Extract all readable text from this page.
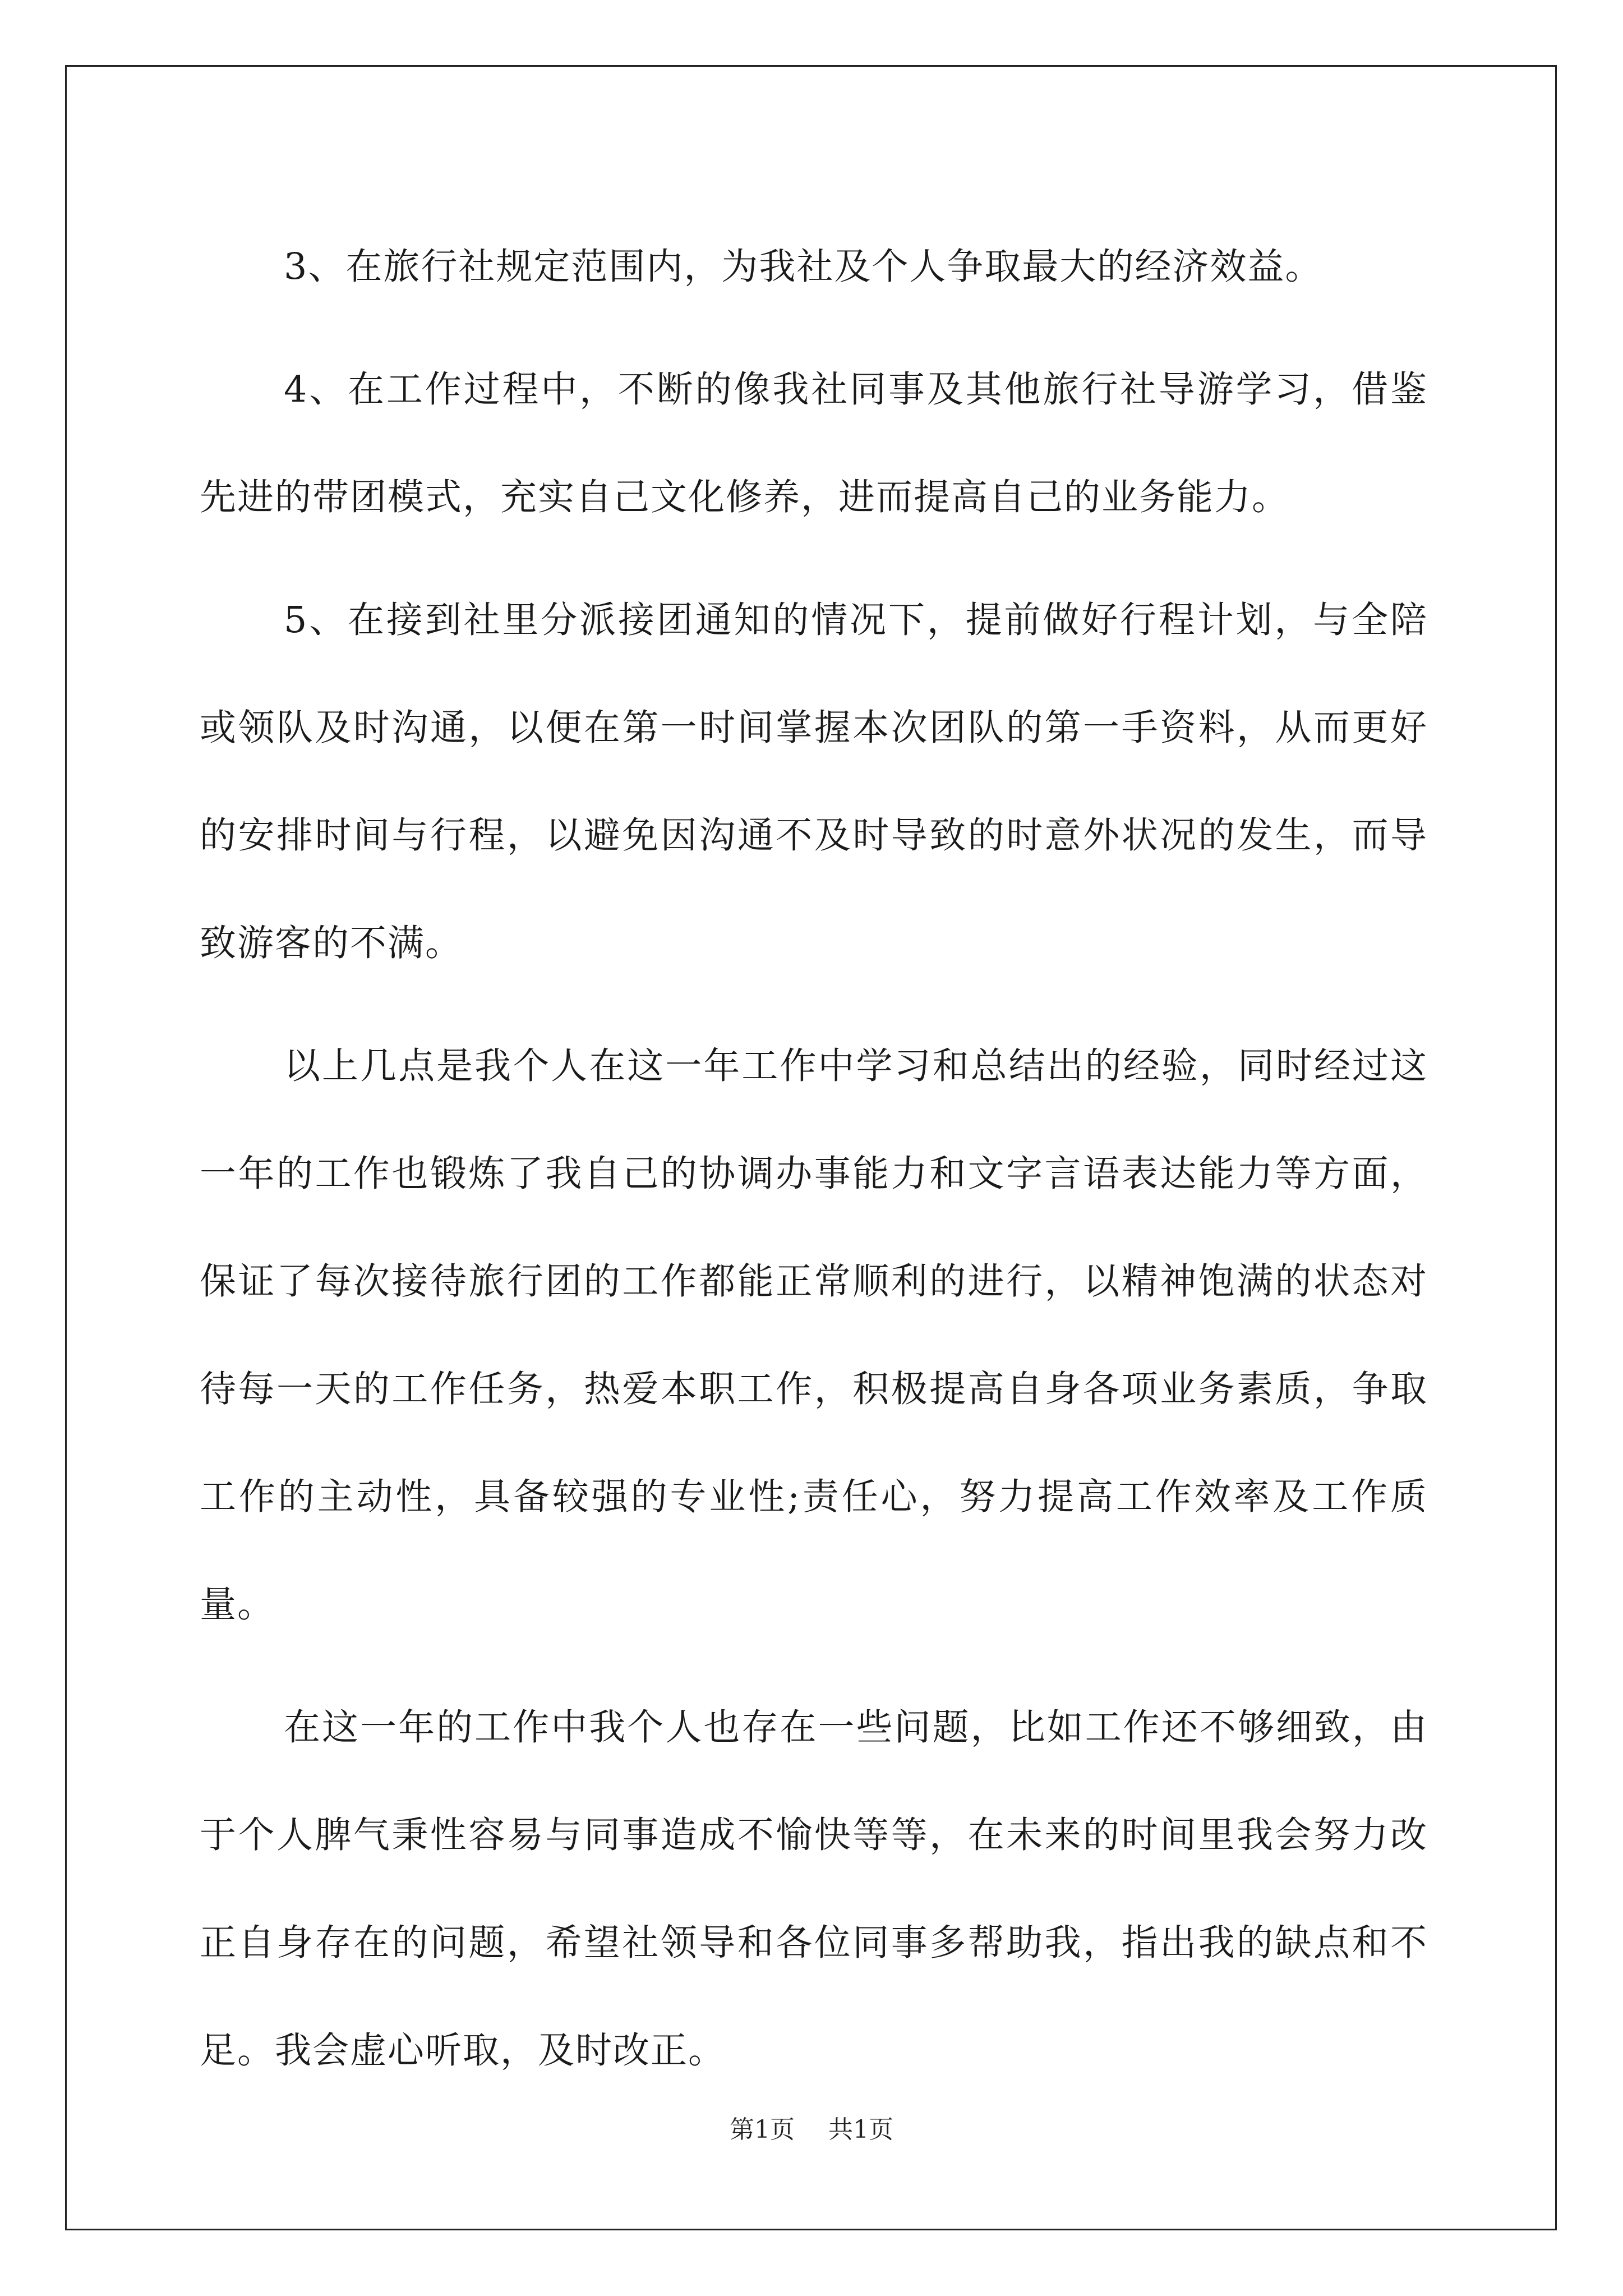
3、在旅行社规定范围内，为我社及个人争取最大的经济效益。

4、在工作过程中，不断的像我社同事及其他旅行社导游学习，借鉴先进的带团模式，充实自己文化修养，进而提高自己的业务能力。

5、在接到社里分派接团通知的情况下，提前做好行程计划，与全陪或领队及时沟通，以便在第一时间掌握本次团队的第一手资料，从而更好的安排时间与行程，以避免因沟通不及时导致的时意外状况的发生，而导致游客的不满。

以上几点是我个人在这一年工作中学习和总结出的经验，同时经过这一年的工作也锻炼了我自己的协调办事能力和文字言语表达能力等方面，保证了每次接待旅行团的工作都能正常顺利的进行，以精神饱满的状态对待每一天的工作任务，热爱本职工作，积极提高自身各项业务素质，争取工作的主动性，具备较强的专业性;责任心，努力提高工作效率及工作质量。

在这一年的工作中我个人也存在一些问题，比如工作还不够细致，由于个人脾气秉性容易与同事造成不愉快等等，在未来的时间里我会努力改正自身存在的问题，希望社领导和各位同事多帮助我，指出我的缺点和不足。我会虚心听取，及时改正。

第1页 共1页
